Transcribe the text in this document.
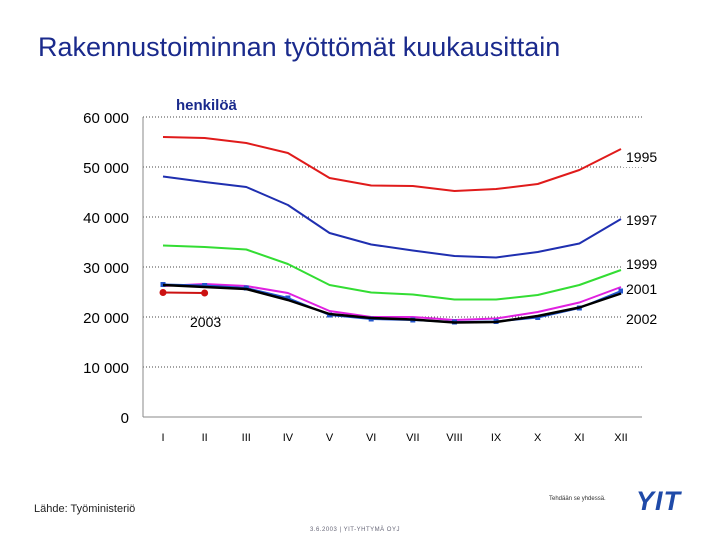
Rakennustoiminnan työttömät kuukausittain
0
10 000
20 000
30 000
40 000
50 000
60 000
I	II	III	IV	V	VI	VII VIII	IX	X	XI	XII
henkilöä
1995
1997
1999
2001
2002
2003
Lähde: Työministeriö
Tehdään se yhdessä.
3.6.2003 | YIT-YHTYMÄ OYJ
YIT
